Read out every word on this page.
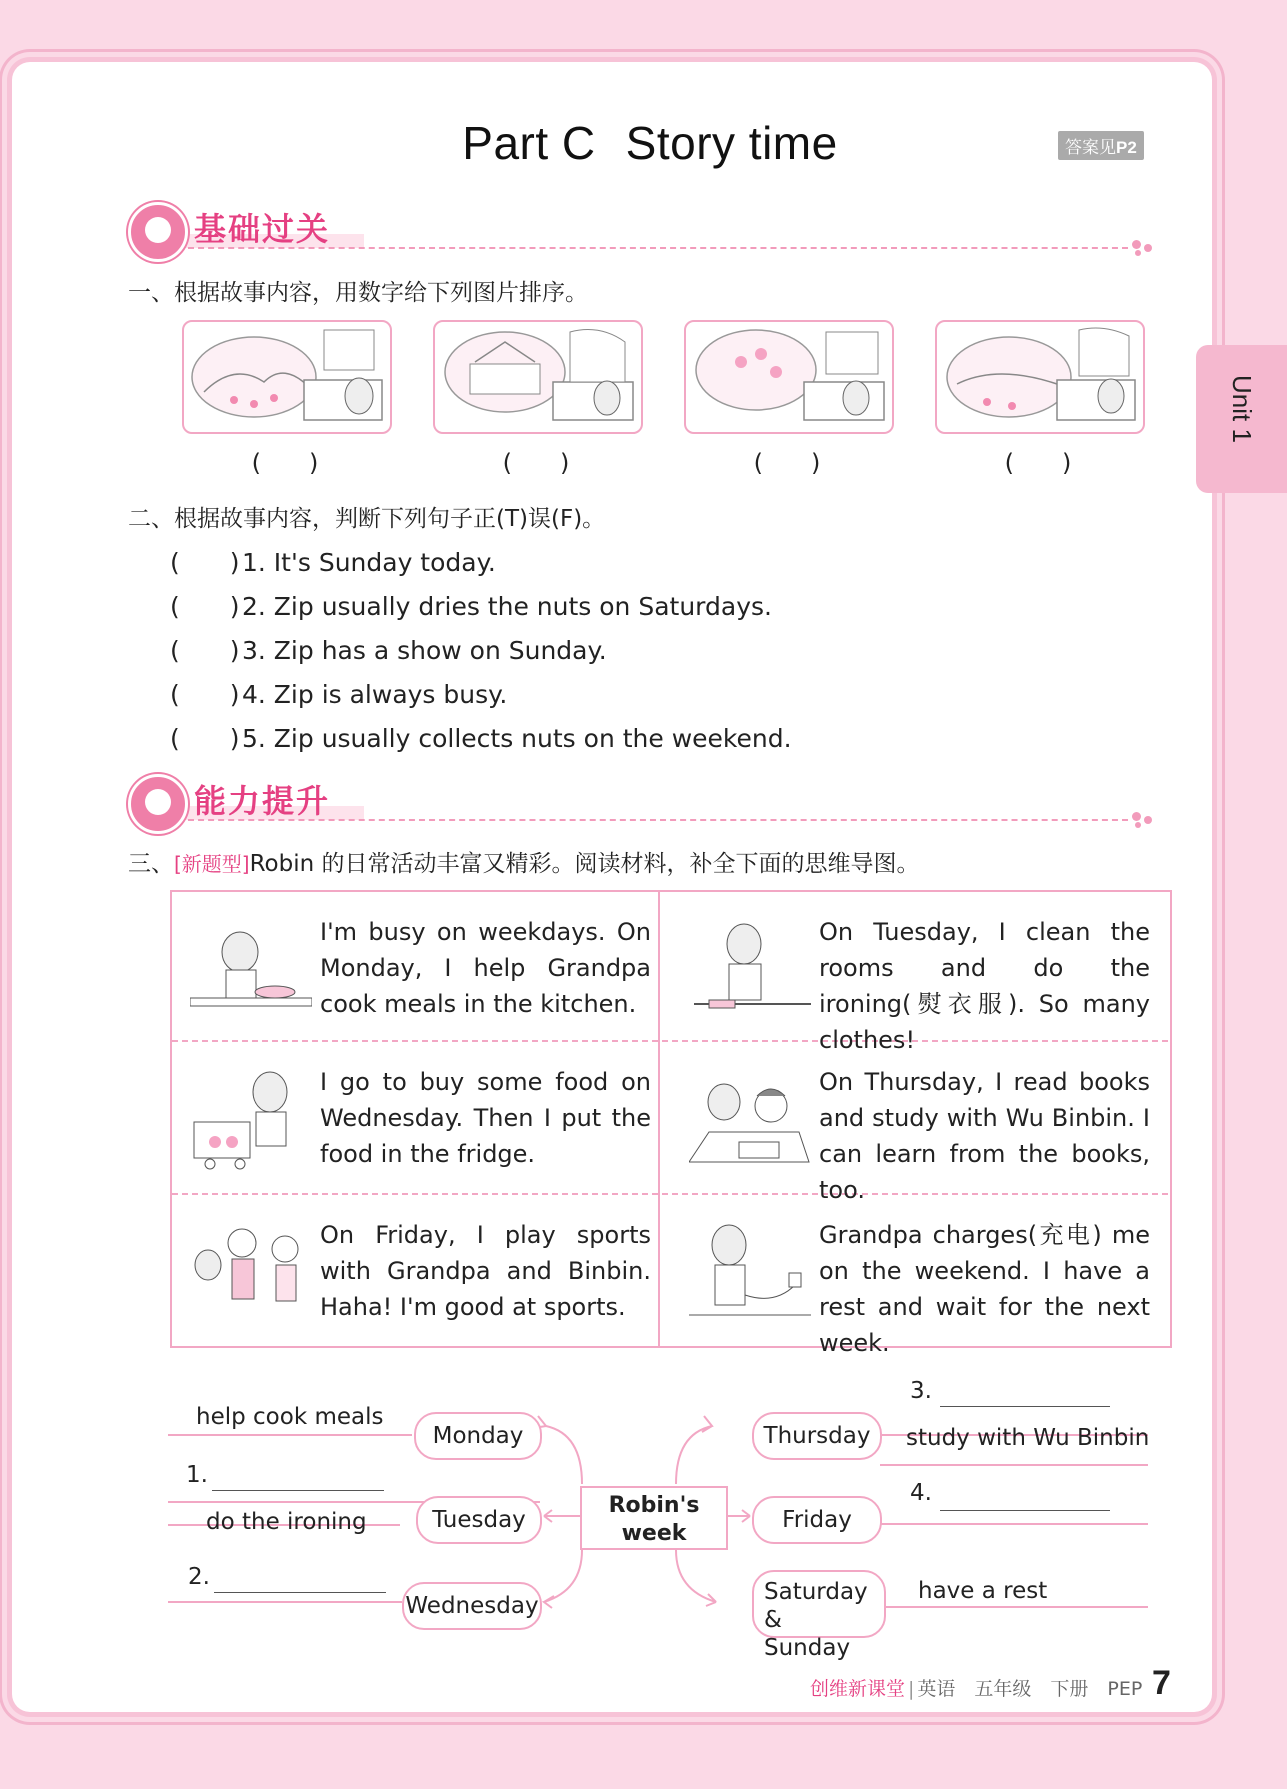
Part C Story time	答案见P2
Unit 1
基础过关
一、根据故事内容，用数字给下列图片排序。
(　　)	(　　)	(　　)	(　　)
二、根据故事内容，判断下列句子正(T)误(F)。
(　　)1. It's Sunday today.
(　　)2. Zip usually dries the nuts on Saturdays.
(　　)3. Zip has a show on Sunday.
(　　)4. Zip is always busy.
(　　)5. Zip usually collects nuts on the weekend.
能力提升
三、[新题型]Robin 的日常活动丰富又精彩。阅读材料，补全下面的思维导图。
I'm busy on weekdays. On Monday, I help Grandpa cook meals in the kitchen.
On Tuesday, I clean the rooms and do the ironing(熨衣服). So many clothes!
I go to buy some food on Wednesday. Then I put the food in the fridge.
On Thursday, I read books and study with Wu Binbin. I can learn from the books, too.
On Friday, I play sports with Grandpa and Binbin. Haha! I'm good at sports.
Grandpa charges(充电) me on the weekend. I have a rest and wait for the next week.
help cook meals
Monday
1.
do the ironing	Tuesday
2.
Wednesday
Robin's
week
Thursday
3.
study with Wu Binbin
Friday
4.
Saturday &
Sunday
have a rest
创维新课堂 | 英语　五年级　下册　PEP 7
